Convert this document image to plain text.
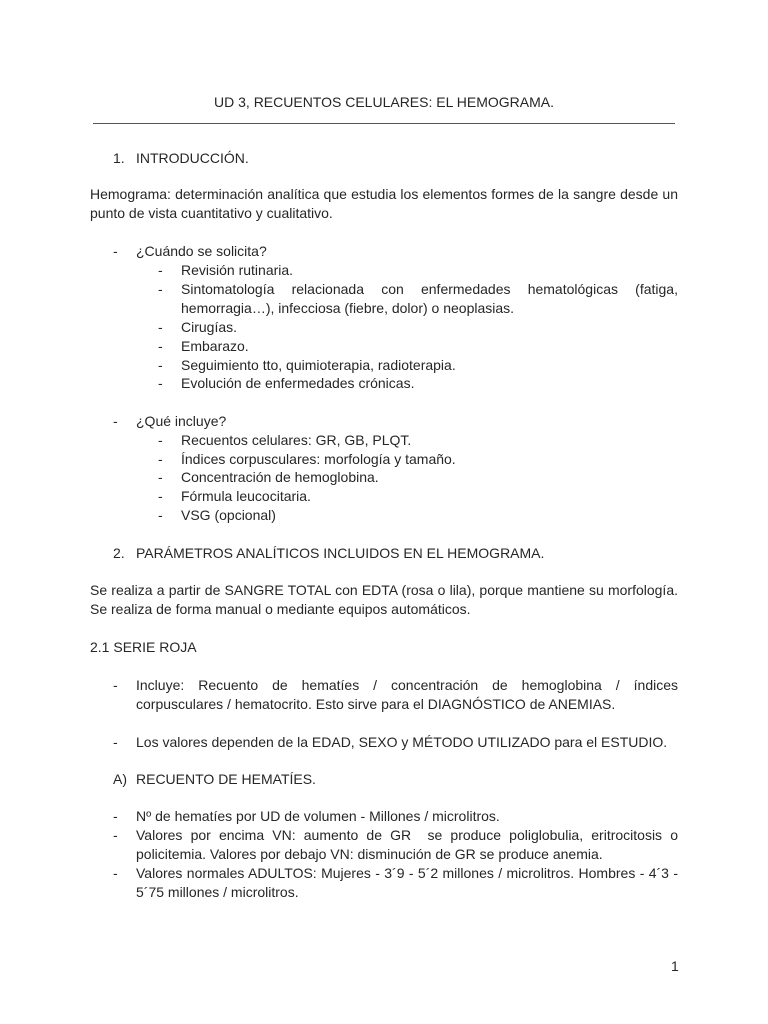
UD 3, RECUENTOS CELULARES: EL HEMOGRAMA.
1. INTRODUCCIÓN.
Hemograma: determinación analítica que estudia los elementos formes de la sangre desde un punto de vista cuantitativo y cualitativo.
- ¿Cuándo se solicita?
- Revisión rutinaria.
- Sintomatología relacionada con enfermedades hematológicas (fatiga, hemorragia…), infecciosa (fiebre, dolor) o neoplasias.
- Cirugías.
- Embarazo.
- Seguimiento tto, quimioterapia, radioterapia.
- Evolución de enfermedades crónicas.
- ¿Qué incluye?
- Recuentos celulares: GR, GB, PLQT.
- Índices corpusculares: morfología y tamaño.
- Concentración de hemoglobina.
- Fórmula leucocitaria.
- VSG (opcional)
2. PARÁMETROS ANALÍTICOS INCLUIDOS EN EL HEMOGRAMA.
Se realiza a partir de SANGRE TOTAL con EDTA (rosa o lila), porque mantiene su morfología. Se realiza de forma manual o mediante equipos automáticos.
2.1 SERIE ROJA
- Incluye: Recuento de hematíes / concentración de hemoglobina / índices corpusculares / hematocrito. Esto sirve para el DIAGNÓSTICO de ANEMIAS.
- Los valores dependen de la EDAD, SEXO y MÉTODO UTILIZADO para el ESTUDIO.
A) RECUENTO DE HEMATÍES.
- Nº de hematíes por UD de volumen - Millones / microlitros.
- Valores por encima VN: aumento de GR  se produce poliglobulia, eritrocitosis o policitemia. Valores por debajo VN: disminución de GR se produce anemia.
- Valores normales ADULTOS: Mujeres - 3´9 - 5´2 millones / microlitros. Hombres - 4´3 - 5´75 millones / microlitros.
1
